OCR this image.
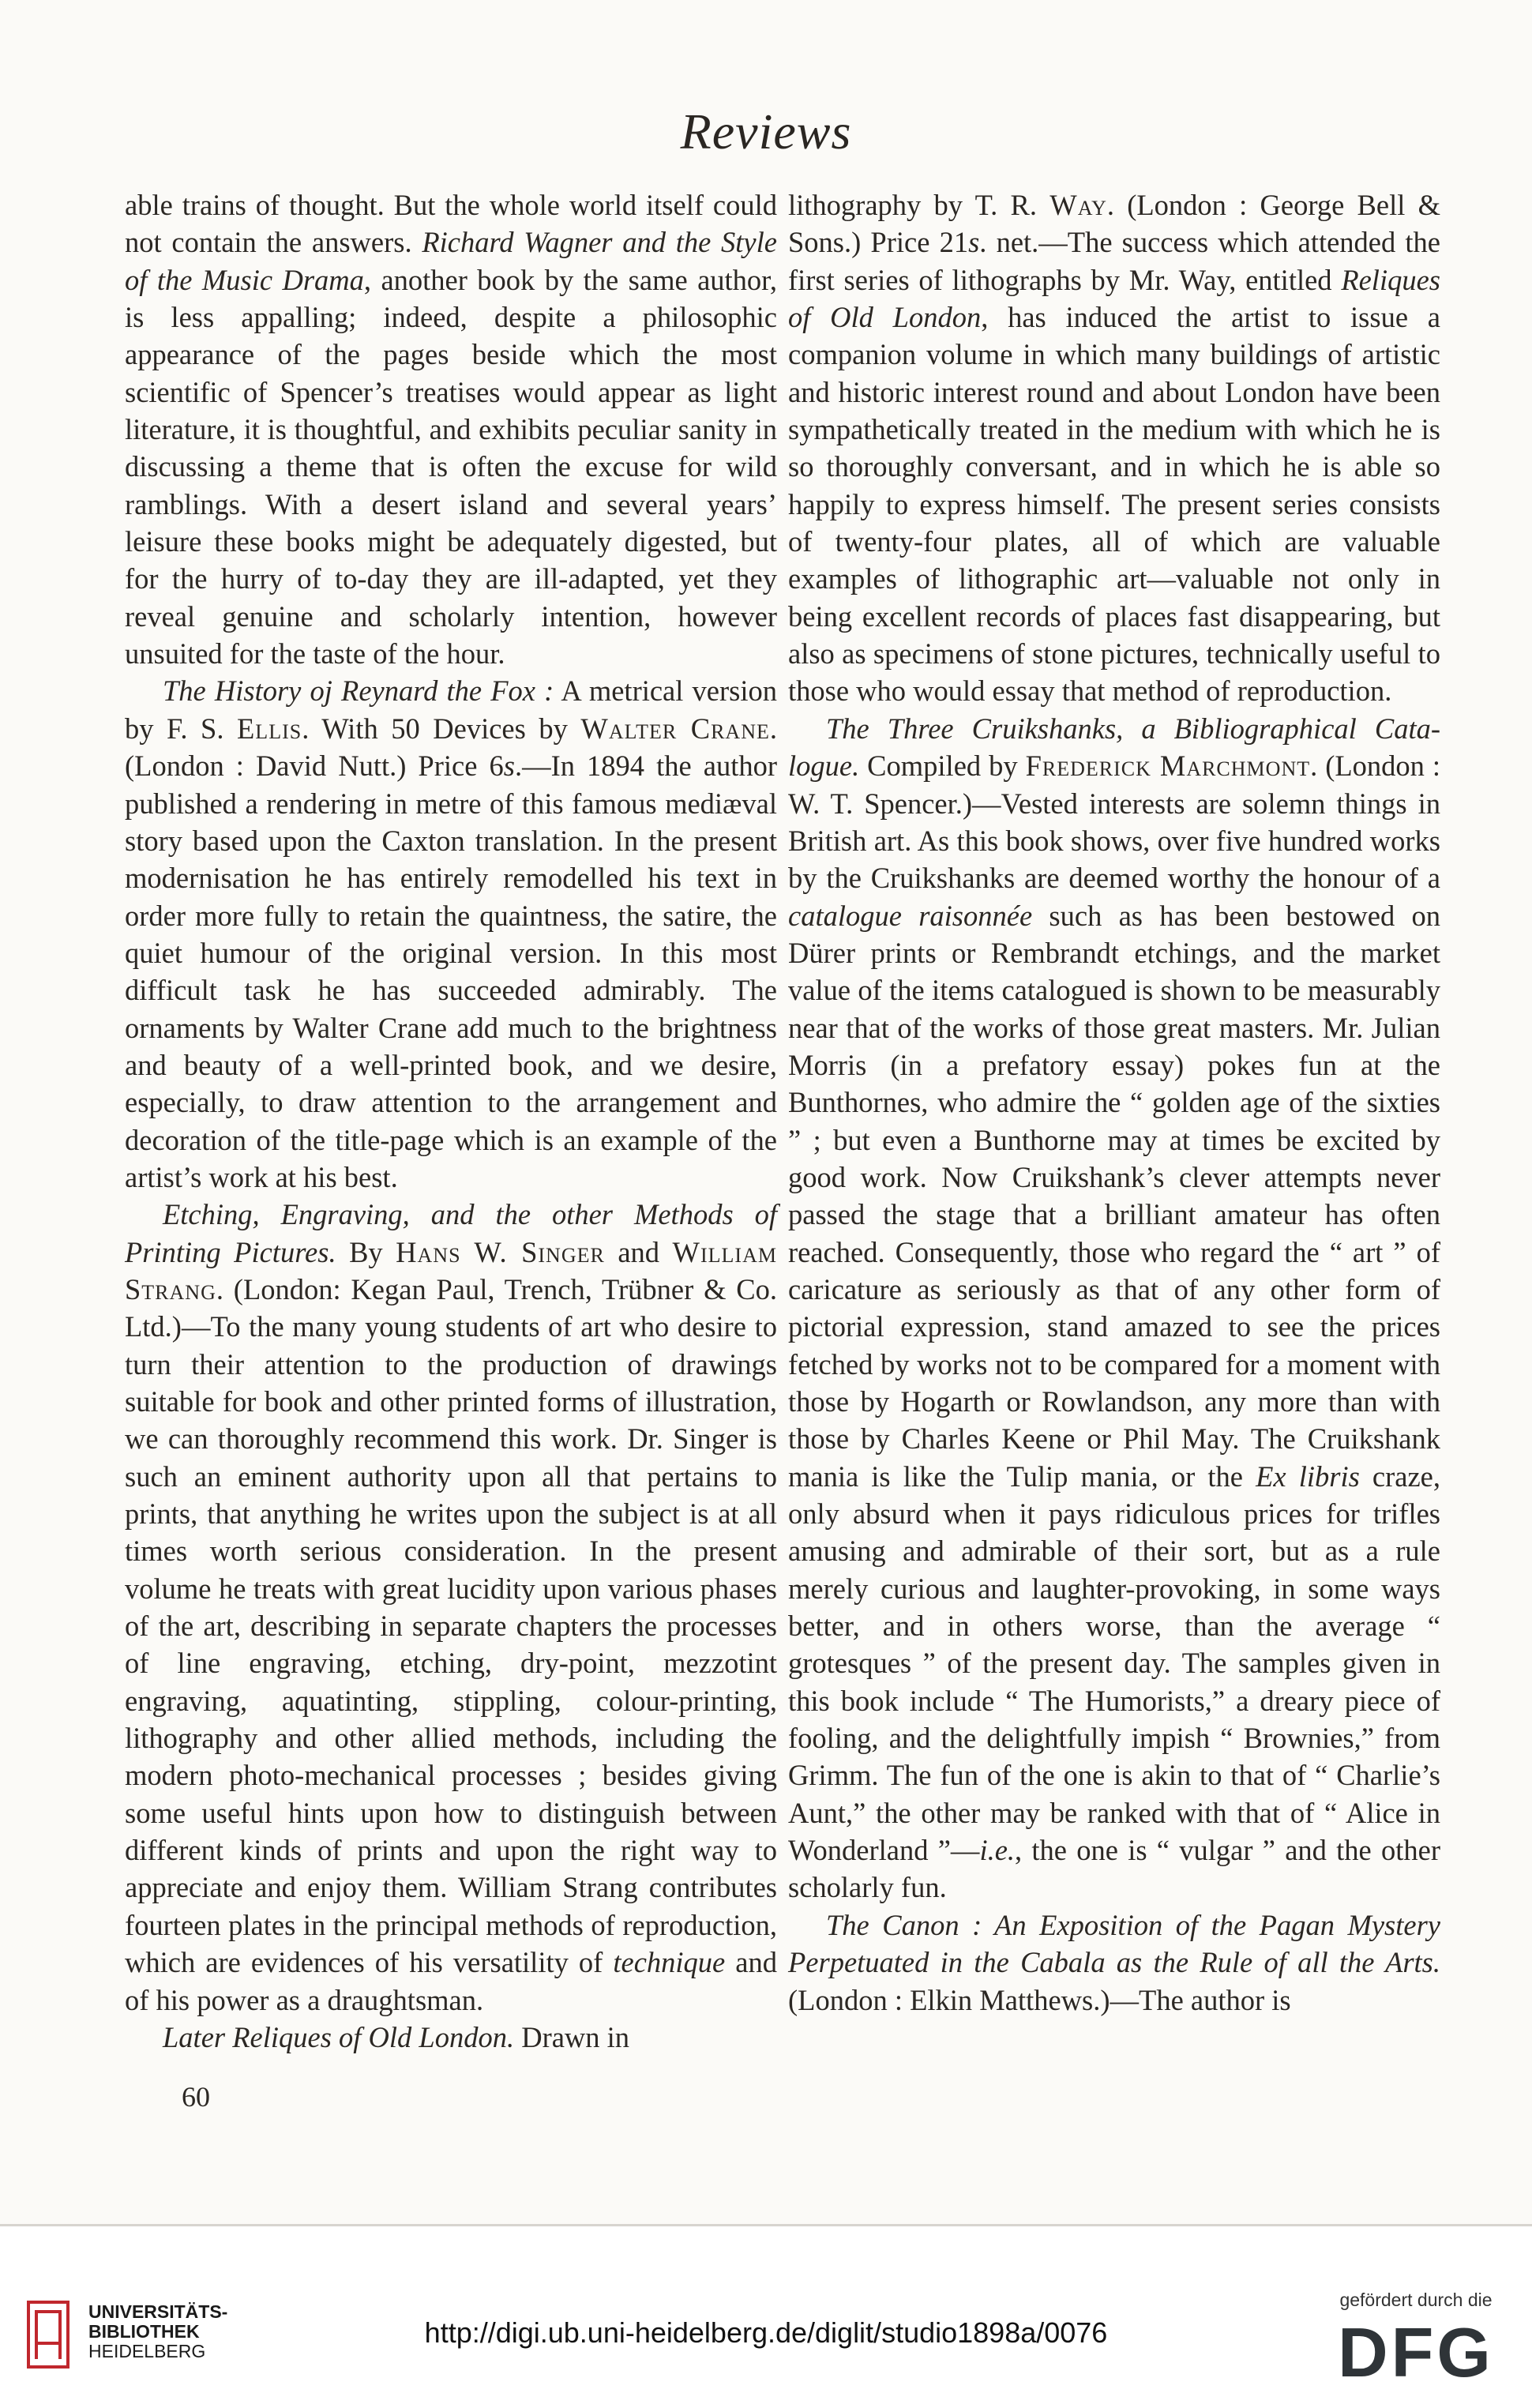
Reviews

able trains of thought. But the whole world itself could not contain the answers. Richard Wagner and the Style of the Music Drama, another book by the same author, is less appalling; indeed, despite a philosophic appearance of the pages beside which the most scientific of Spencer’s treatises would appear as light literature, it is thoughtful, and exhibits peculiar sanity in discussing a theme that is often the excuse for wild ramblings. With a desert island and several years’ leisure these books might be adequately digested, but for the hurry of to-day they are ill-adapted, yet they reveal genuine and scholarly intention, however unsuited for the taste of the hour.

The History oj Reynard the Fox : A metrical version by F. S. Ellis. With 50 Devices by Walter Crane. (London : David Nutt.) Price 6s.—In 1894 the author published a rendering in metre of this famous mediæval story based upon the Caxton translation. In the present modernisation he has entirely remodelled his text in order more fully to retain the quaintness, the satire, the quiet humour of the original version. In this most difficult task he has succeeded admirably. The ornaments by Walter Crane add much to the brightness and beauty of a well-printed book, and we desire, especially, to draw attention to the arrangement and decoration of the title-page which is an example of the artist’s work at his best.

Etching, Engraving, and the other Methods of Printing Pictures. By Hans W. Singer and William Strang. (London: Kegan Paul, Trench, Trübner & Co. Ltd.)—To the many young students of art who desire to turn their attention to the production of drawings suitable for book and other printed forms of illustration, we can thoroughly recommend this work. Dr. Singer is such an eminent authority upon all that pertains to prints, that anything he writes upon the subject is at all times worth serious consideration. In the present volume he treats with great lucidity upon various phases of the art, describing in separate chapters the processes of line engraving, etching, dry-point, mezzotint engraving, aquatinting, stippling, colour-printing, lithography and other allied methods, including the modern photo-mechanical processes ; besides giving some useful hints upon how to distinguish between different kinds of prints and upon the right way to appreciate and enjoy them. William Strang contributes fourteen plates in the principal methods of reproduction, which are evidences of his versatility of technique and of his power as a draughtsman.

Later Reliques of Old London. Drawn in

60

lithography by T. R. Way. (London : George Bell & Sons.) Price 21s. net.—The success which attended the first series of lithographs by Mr. Way, entitled Reliques of Old London, has induced the artist to issue a companion volume in which many buildings of artistic and historic interest round and about London have been sympathetically treated in the medium with which he is so thoroughly conversant, and in which he is able so happily to express himself. The present series consists of twenty-four plates, all of which are valuable examples of lithographic art—valuable not only in being excellent records of places fast disappearing, but also as specimens of stone pictures, technically useful to those who would essay that method of reproduction.

The Three Cruikshanks, a Bibliographical Catalogue. Compiled by Frederick Marchmont. (London : W. T. Spencer.)—Vested interests are solemn things in British art. As this book shows, over five hundred works by the Cruikshanks are deemed worthy the honour of a catalogue raisonnée such as has been bestowed on Dürer prints or Rembrandt etchings, and the market value of the items catalogued is shown to be measurably near that of the works of those great masters. Mr. Julian Morris (in a prefatory essay) pokes fun at the Bunthornes, who admire the “ golden age of the sixties ” ; but even a Bunthorne may at times be excited by good work. Now Cruikshank’s clever attempts never passed the stage that a brilliant amateur has often reached. Consequently, those who regard the “ art ” of caricature as seriously as that of any other form of pictorial expression, stand amazed to see the prices fetched by works not to be compared for a moment with those by Hogarth or Rowlandson, any more than with those by Charles Keene or Phil May. The Cruikshank mania is like the Tulip mania, or the Ex libris craze, only absurd when it pays ridiculous prices for trifles amusing and admirable of their sort, but as a rule merely curious and laughter-provoking, in some ways better, and in others worse, than the average “ grotesques ” of the present day. The samples given in this book include “ The Humorists,” a dreary piece of fooling, and the delightfully impish “ Brownies,” from Grimm. The fun of the one is akin to that of “ Charlie’s Aunt,” the other may be ranked with that of “ Alice in Wonderland ”—i.e., the one is “ vulgar ” and the other scholarly fun.

The Canon : An Exposition of the Pagan Mystery Perpetuated in the Cabala as the Rule of all the Arts. (London : Elkin Matthews.)—The author is

UNIVERSITÄTS-
BIBLIOTHEK
HEIDELBERG
http://digi.ub.uni-heidelberg.de/diglit/studio1898a/0076
gefördert durch die
DFG
